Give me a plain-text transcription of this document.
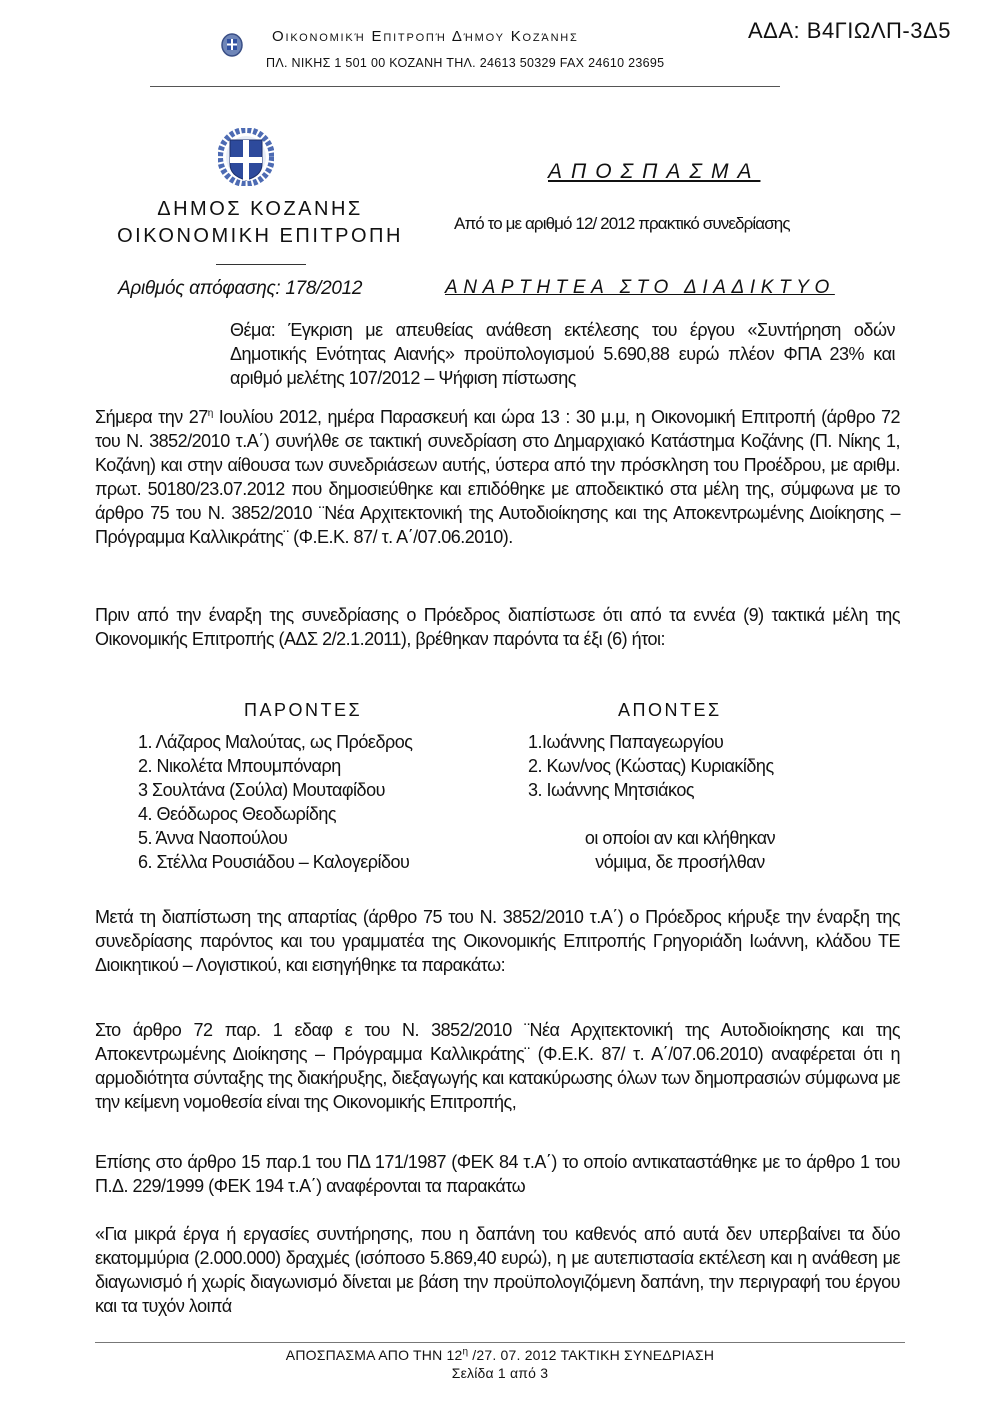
Οικονομική Επιτροπή Δήμου Κοζάνης
ΠΛ. ΝΙΚΗΣ 1 501 00 ΚΟΖΑΝΗ ΤΗΛ. 24613 50329 FAX 24610 23695
ΑΔΑ: Β4ΓΙΩΛΠ-3Δ5
ΔΗΜΟΣ ΚΟΖΑΝΗΣ
ΟΙΚΟΝΟΜΙΚΗ ΕΠΙΤΡΟΠΗ
Αριθμός απόφασης: 178/2012
ΑΠΟΣΠΑΣΜΑ
Από το με αριθμό 12/ 2012 πρακτικό συνεδρίασης
ΑΝΑΡΤΗΤΕΑ ΣΤΟ ΔΙΑΔΙΚΤΥΟ
Θέμα: Έγκριση με απευθείας ανάθεση εκτέλεσης του έργου «Συντήρηση οδών Δημοτικής Ενότητας Αιανής» προϋπολογισμού 5.690,88 ευρώ πλέον ΦΠΑ 23% και αριθμό μελέτης 107/2012 – Ψήφιση πίστωσης
Σήμερα την $27^\eta$ Ιουλίου 2012, ημέρα Παρασκευή και ώρα 13 : 30 μ.μ, η Οικονομική Επιτροπή (άρθρο 72 του Ν. 3852/2010 τ.Α΄) συνήλθε σε τακτική συνεδρίαση στο Δημαρχιακό Κατάστημα Κοζάνης (Π. Νίκης 1, Κοζάνη) και στην αίθουσα των συνεδριάσεων αυτής, ύστερα από την πρόσκληση του Προέδρου, με αριθμ. πρωτ. 50180/23.07.2012 που δημοσιεύθηκε και επιδόθηκε με αποδεικτικό στα μέλη της, σύμφωνα με το άρθρο 75 του Ν. 3852/2010 ¨Νέα Αρχιτεκτονική της Αυτοδιοίκησης και της Αποκεντρωμένης Διοίκησης – Πρόγραμμα Καλλικράτης¨ (Φ.Ε.Κ. 87/ τ. Α΄/07.06.2010).
Πριν από την έναρξη της συνεδρίασης ο Πρόεδρος διαπίστωσε ότι από τα εννέα (9) τακτικά μέλη της Οικονομικής Επιτροπής (ΑΔΣ 2/2.1.2011), βρέθηκαν παρόντα τα έξι (6) ήτοι:
ΠΑΡΟΝΤΕΣ	ΑΠΟΝΤΕΣ
1. Λάζαρος Μαλούτας, ως Πρόεδρος
2. Νικολέτα Μπουμπόναρη
3 Σουλτάνα (Σούλα) Μουταφίδου
4. Θεόδωρος Θεοδωρίδης
5. Άννα Ναοπούλου
6. Στέλλα Ρουσιάδου – Καλογερίδου
1.Ιωάννης Παπαγεωργίου
2. Κων/νος (Κώστας) Κυριακίδης
3. Ιωάννης Μητσιάκος
οι οποίοι αν και κλήθηκαν
νόμιμα, δε προσήλθαν
Μετά τη διαπίστωση της απαρτίας (άρθρο 75 του Ν. 3852/2010 τ.Α΄) ο Πρόεδρος κήρυξε την έναρξη της συνεδρίασης παρόντος και του γραμματέα της Οικονομικής Επιτροπής Γρηγοριάδη Ιωάννη, κλάδου ΤΕ Διοικητικού – Λογιστικού, και εισηγήθηκε τα παρακάτω:
Στο άρθρο 72 παρ. 1 εδαφ ε του Ν. 3852/2010 ¨Νέα Αρχιτεκτονική της Αυτοδιοίκησης και της Αποκεντρωμένης Διοίκησης – Πρόγραμμα Καλλικράτης¨ (Φ.Ε.Κ. 87/ τ. Α΄/07.06.2010) αναφέρεται ότι η αρμοδιότητα σύνταξης της διακήρυξης, διεξαγωγής και κατακύρωσης όλων των δημοπρασιών σύμφωνα με την κείμενη νομοθεσία είναι της Οικονομικής Επιτροπής,
Επίσης στο άρθρο 15 παρ.1 του ΠΔ 171/1987 (ΦΕΚ 84 τ.Α΄) το οποίο αντικαταστάθηκε με το άρθρο 1 του Π.Δ. 229/1999 (ΦΕΚ 194 τ.Α΄) αναφέρονται τα παρακάτω
«Για μικρά έργα ή εργασίες συντήρησης, που η δαπάνη του καθενός από αυτά δεν υπερβαίνει τα δύο εκατομμύρια (2.000.000) δραχμές (ισόποσο 5.869,40 ευρώ), η με αυτεπιστασία εκτέλεση και η ανάθεση με διαγωνισμό ή χωρίς διαγωνισμό δίνεται με βάση την προϋπολογιζόμενη δαπάνη, την περιγραφή του έργου και τα τυχόν λοιπά
ΑΠΟΣΠΑΣΜΑ ΑΠΟ ΤΗΝ $12^\eta$ /27. 07. 2012 ΤΑΚΤΙΚΗ ΣΥΝΕΔΡΙΑΣΗ
Σελίδα 1 από 3
